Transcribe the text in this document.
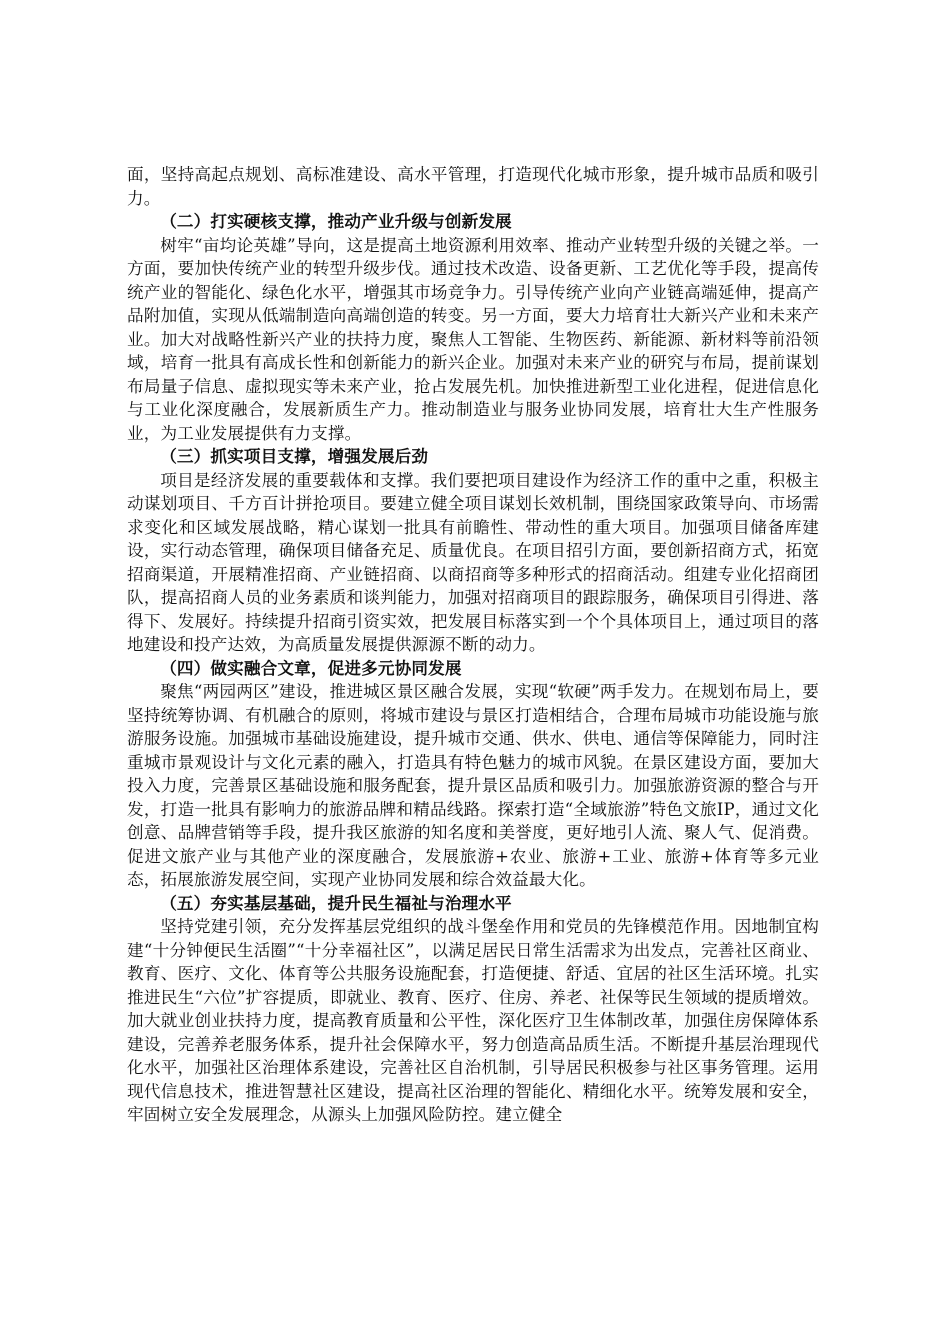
面，坚持高起点规划、高标准建设、高水平管理，打造现代化城市形象，提升城市品质和吸引力。

（二）打实硬核支撑，推动产业升级与创新发展

树牢“亩均论英雄”导向，这是提高土地资源利用效率、推动产业转型升级的关键之举。一方面，要加快传统产业的转型升级步伐。通过技术改造、设备更新、工艺优化等手段，提高传统产业的智能化、绿色化水平，增强其市场竞争力。引导传统产业向产业链高端延伸，提高产品附加值，实现从低端制造向高端创造的转变。另一方面，要大力培育壮大新兴产业和未来产业。加大对战略性新兴产业的扶持力度，聚焦人工智能、生物医药、新能源、新材料等前沿领域，培育一批具有高成长性和创新能力的新兴企业。加强对未来产业的研究与布局，提前谋划布局量子信息、虚拟现实等未来产业，抢占发展先机。加快推进新型工业化进程，促进信息化与工业化深度融合，发展新质生产力。推动制造业与服务业协同发展，培育壮大生产性服务业，为工业发展提供有力支撑。

（三）抓实项目支撑，增强发展后劲

项目是经济发展的重要载体和支撑。我们要把项目建设作为经济工作的重中之重，积极主动谋划项目、千方百计拼抢项目。要建立健全项目谋划长效机制，围绕国家政策导向、市场需求变化和区域发展战略，精心谋划一批具有前瞻性、带动性的重大项目。加强项目储备库建设，实行动态管理，确保项目储备充足、质量优良。在项目招引方面，要创新招商方式，拓宽招商渠道，开展精准招商、产业链招商、以商招商等多种形式的招商活动。组建专业化招商团队，提高招商人员的业务素质和谈判能力，加强对招商项目的跟踪服务，确保项目引得进、落得下、发展好。持续提升招商引资实效，把发展目标落实到一个个具体项目上，通过项目的落地建设和投产达效，为高质量发展提供源源不断的动力。

（四）做实融合文章，促进多元协同发展

聚焦“两园两区”建设，推进城区景区融合发展，实现“软硬”两手发力。在规划布局上，要坚持统筹协调、有机融合的原则，将城市建设与景区打造相结合，合理布局城市功能设施与旅游服务设施。加强城市基础设施建设，提升城市交通、供水、供电、通信等保障能力，同时注重城市景观设计与文化元素的融入，打造具有特色魅力的城市风貌。在景区建设方面，要加大投入力度，完善景区基础设施和服务配套，提升景区品质和吸引力。加强旅游资源的整合与开发，打造一批具有影响力的旅游品牌和精品线路。探索打造“全域旅游”特色文旅IP，通过文化创意、品牌营销等手段，提升我区旅游的知名度和美誉度，更好地引人流、聚人气、促消费。促进文旅产业与其他产业的深度融合，发展旅游+农业、旅游+工业、旅游+体育等多元业态，拓展旅游发展空间，实现产业协同发展和综合效益最大化。

（五）夯实基层基础，提升民生福祉与治理水平

坚持党建引领，充分发挥基层党组织的战斗堡垒作用和党员的先锋模范作用。因地制宜构建“十分钟便民生活圈”“十分幸福社区”，以满足居民日常生活需求为出发点，完善社区商业、教育、医疗、文化、体育等公共服务设施配套，打造便捷、舒适、宜居的社区生活环境。扎实推进民生“六位”扩容提质，即就业、教育、医疗、住房、养老、社保等民生领域的提质增效。加大就业创业扶持力度，提高教育质量和公平性，深化医疗卫生体制改革，加强住房保障体系建设，完善养老服务体系，提升社会保障水平，努力创造高品质生活。不断提升基层治理现代化水平，加强社区治理体系建设，完善社区自治机制，引导居民积极参与社区事务管理。运用现代信息技术，推进智慧社区建设，提高社区治理的智能化、精细化水平。统筹发展和安全，牢固树立安全发展理念，从源头上加强风险防控。建立健全
